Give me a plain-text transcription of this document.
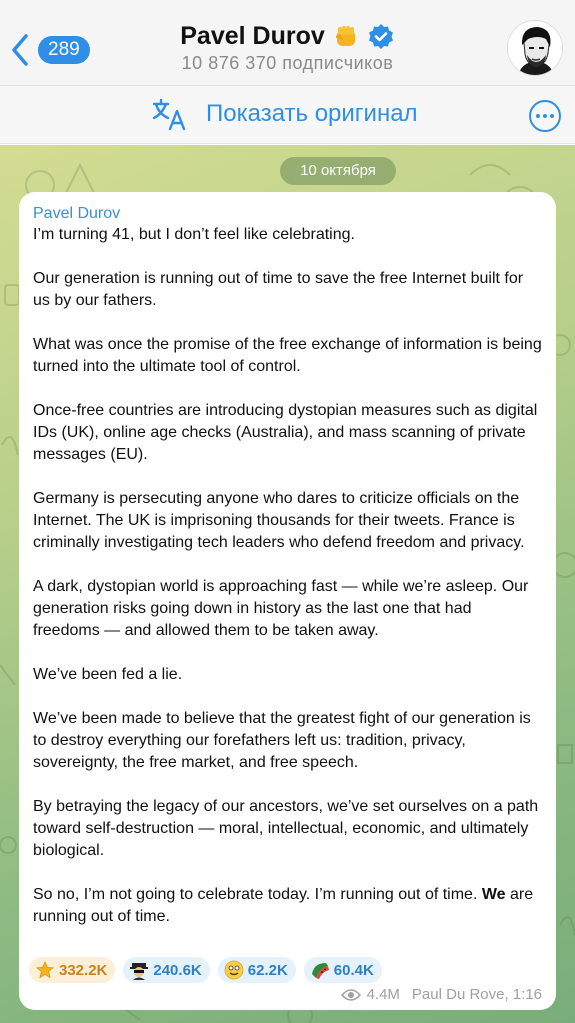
289	Pavel Durov
10 876 370 подписчиков
Показать оригинал
10 октября
Pavel Durov

I’m turning 41, but I don’t feel like celebrating.

Our generation is running out of time to save the free Internet built for us by our fathers.

What was once the promise of the free exchange of information is being turned into the ultimate tool of control.

Once-free countries are introducing dystopian measures such as digital IDs (UK), online age checks (Australia), and mass scanning of private messages (EU).

Germany is persecuting anyone who dares to criticize officials on the Internet. The UK is imprisoning thousands for their tweets. France is criminally investigating tech leaders who defend freedom and privacy.

A dark, dystopian world is approaching fast — while we’re asleep. Our generation risks going down in history as the last one that had freedoms — and allowed them to be taken away.

We’ve been fed a lie.

We’ve been made to believe that the greatest fight of our generation is to destroy everything our forefathers left us: tradition, privacy, sovereignty, the free market, and free speech.

By betraying the legacy of our ancestors, we’ve set ourselves on a path toward self-destruction — moral, intellectual, economic, and ultimately biological.

So no, I’m not going to celebrate today. I’m running out of time. We are running out of time.

332.2K	240.6K	62.2K	60.4K
4.4M Paul Du Rove, 1:16
